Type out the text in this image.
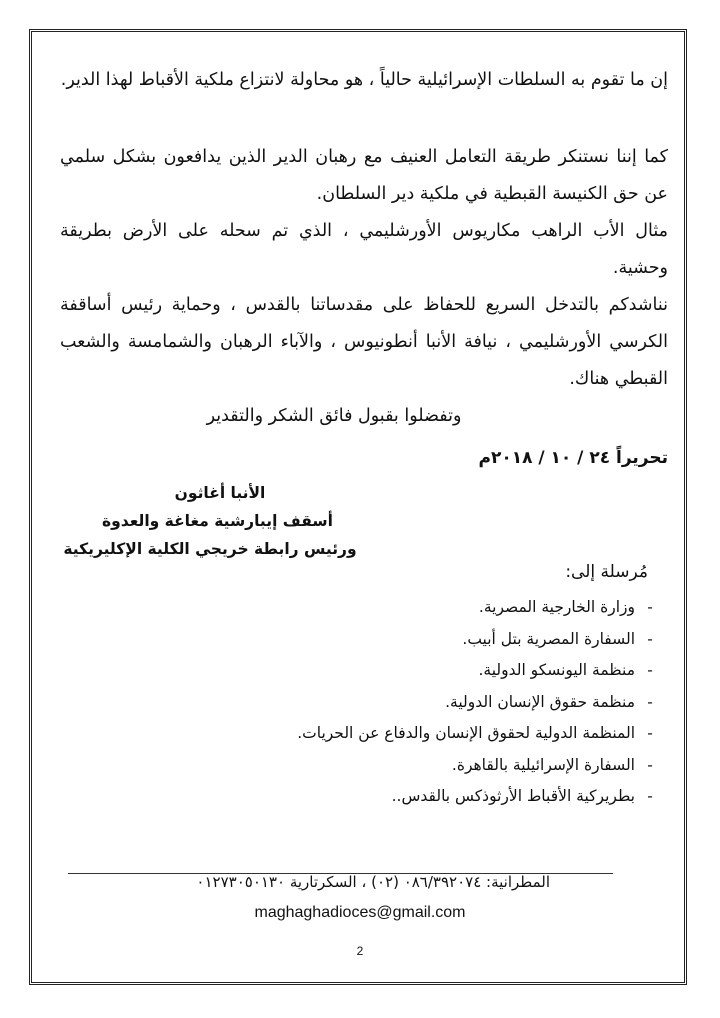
إن ما تقوم به السلطات الإسرائيلية حالياً ، هو محاولة لانتزاع ملكية الأقباط لهذا الدير.
كما إننا نستنكر طريقة التعامل العنيف مع رهبان الدير الذين يدافعون بشكل سلمي عن حق الكنيسة القبطية في ملكية دير السلطان.
مثال الأب الراهب مكاريوس الأورشليمي ، الذي تم سحله على الأرض بطريقة وحشية.
نناشدكم بالتدخل السريع للحفاظ على مقدساتنا بالقدس ، وحماية رئيس أساقفة الكرسي الأورشليمي ، نيافة الأنبا أنطونيوس ، والآباء الرهبان والشمامسة والشعب القبطي هناك.
وتفضلوا بقبول فائق الشكر والتقدير
تحريراً ٢٤ / ١٠ / ٢٠١٨م
الأنبا أغاثون
أسقف إيبارشية مغاغة والعدوة
ورئيس رابطة خريجي الكلية الإكليريكية
مُرسلة إلى:
-وزارة الخارجية المصرية.
-السفارة المصرية بتل أبيب.
-منظمة اليونسكو الدولية.
-منظمة حقوق الإنسان الدولية.
-المنظمة الدولية لحقوق الإنسان والدفاع عن الحريات.
-السفارة الإسرائيلية بالقاهرة.
-بطريركية الأقباط الأرثوذكس بالقدس..
المطرانية: ٠٨٦/٣٩٢٠٧٤ (٠٢) ، السكرتارية ٠١٢٧٣٠٥٠١٣٠
maghaghadioces@gmail.com
2
